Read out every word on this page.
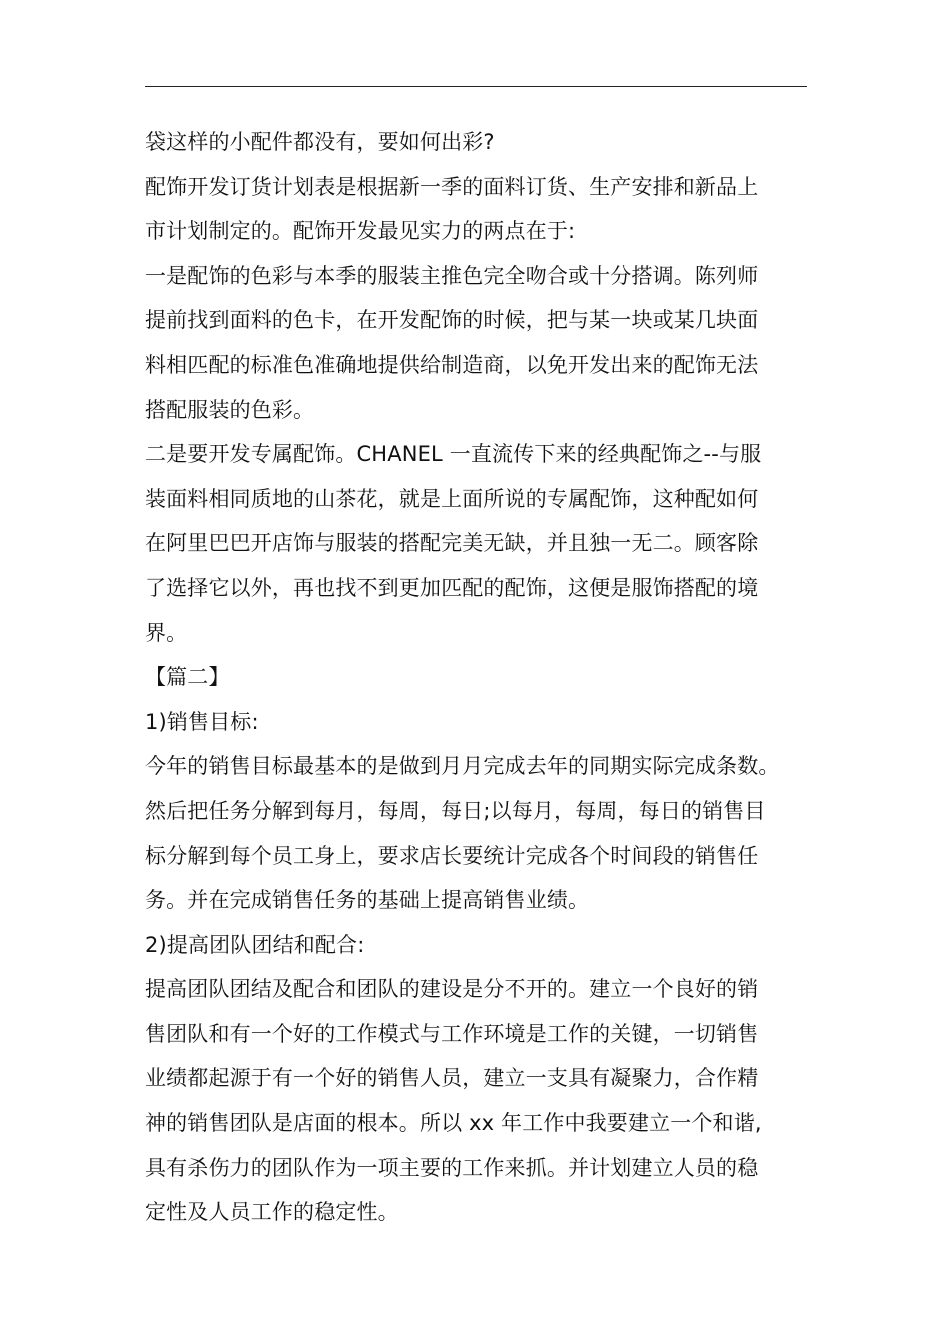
袋这样的小配件都没有，要如何出彩?
配饰开发订货计划表是根据新一季的面料订货、生产安排和新品上
市计划制定的。配饰开发最见实力的两点在于:
一是配饰的色彩与本季的服装主推色完全吻合或十分搭调。陈列师
提前找到面料的色卡，在开发配饰的时候，把与某一块或某几块面
料相匹配的标准色准确地提供给制造商，以免开发出来的配饰无法
搭配服装的色彩。
二是要开发专属配饰。CHANEL 一直流传下来的经典配饰之--与服
装面料相同质地的山茶花，就是上面所说的专属配饰，这种配如何
在阿里巴巴开店饰与服装的搭配完美无缺，并且独一无二。顾客除
了选择它以外，再也找不到更加匹配的配饰，这便是服饰搭配的境
界。
【篇二】
1)销售目标:
今年的销售目标最基本的是做到月月完成去年的同期实际完成条数。
然后把任务分解到每月，每周，每日;以每月，每周，每日的销售目
标分解到每个员工身上，要求店长要统计完成各个时间段的销售任
务。并在完成销售任务的基础上提高销售业绩。
2)提高团队团结和配合:
提高团队团结及配合和团队的建设是分不开的。建立一个良好的销
售团队和有一个好的工作模式与工作环境是工作的关键，一切销售
业绩都起源于有一个好的销售人员，建立一支具有凝聚力，合作精
神的销售团队是店面的根本。所以 xx 年工作中我要建立一个和谐,
具有杀伤力的团队作为一项主要的工作来抓。并计划建立人员的稳
定性及人员工作的稳定性。
